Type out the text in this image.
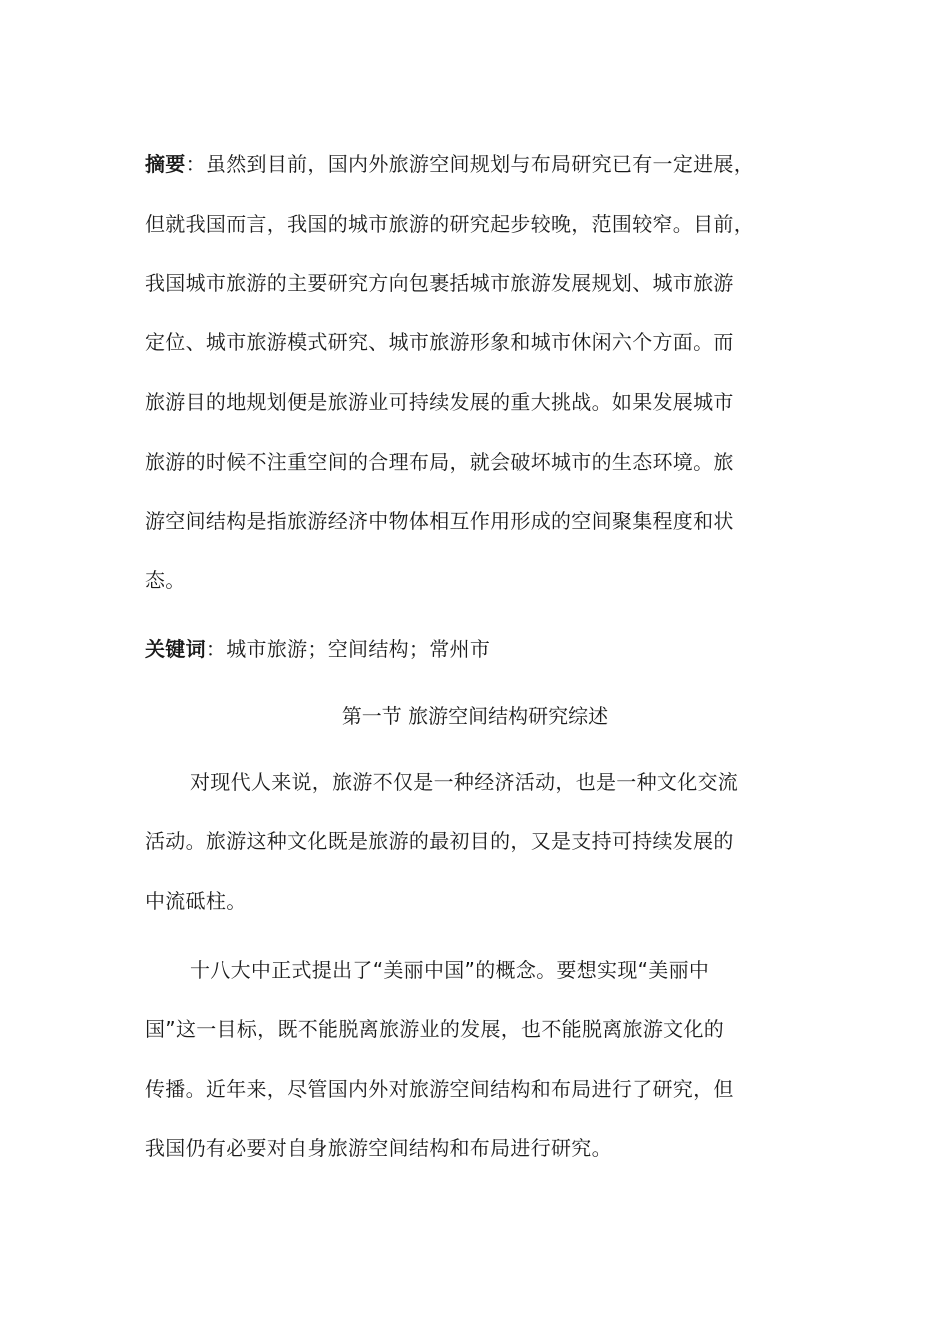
摘要：虽然到目前，国内外旅游空间规划与布局研究已有一定进展，
但就我国而言，我国的城市旅游的研究起步较晚，范围较窄。目前，
我国城市旅游的主要研究方向包裹括城市旅游发展规划、城市旅游
定位、城市旅游模式研究、城市旅游形象和城市休闲六个方面。而
旅游目的地规划便是旅游业可持续发展的重大挑战。如果发展城市
旅游的时候不注重空间的合理布局，就会破坏城市的生态环境。旅
游空间结构是指旅游经济中物体相互作用形成的空间聚集程度和状
态。
关键词：城市旅游；空间结构；常州市
第一节 旅游空间结构研究综述
对现代人来说，旅游不仅是一种经济活动，也是一种文化交流
活动。旅游这种文化既是旅游的最初目的，又是支持可持续发展的
中流砥柱。
十八大中正式提出了“美丽中国”的概念。要想实现“美丽中
国”这一目标，既不能脱离旅游业的发展，也不能脱离旅游文化的
传播。近年来，尽管国内外对旅游空间结构和布局进行了研究，但
我国仍有必要对自身旅游空间结构和布局进行研究。
